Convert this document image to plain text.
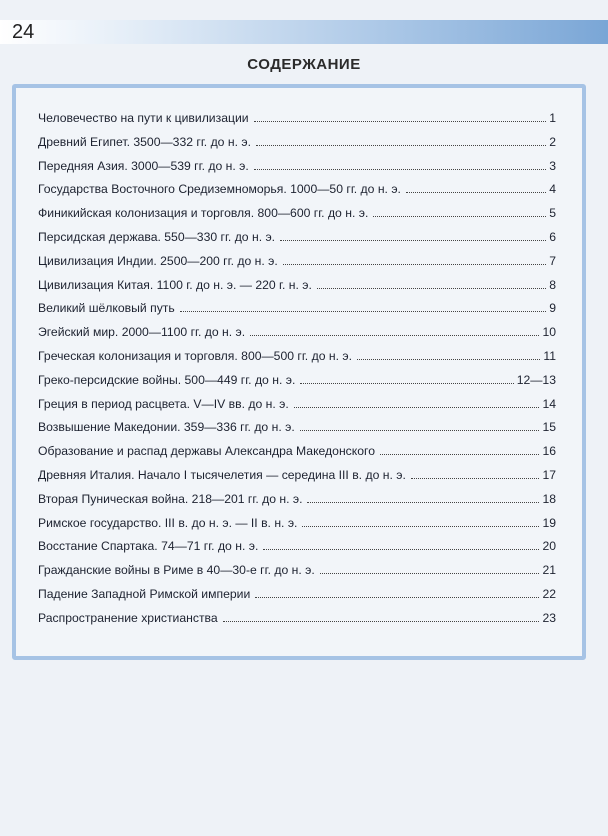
24
СОДЕРЖАНИЕ
Человечество на пути к цивилизации	1
Древний Египет. 3500—332 гг. до н. э.	2
Передняя Азия. 3000—539 гг. до н. э.	3
Государства Восточного Средиземноморья. 1000—50 гг. до н. э.	4
Финикийская колонизация и торговля. 800—600 гг. до н. э.	5
Персидская держава. 550—330 гг. до н. э.	6
Цивилизация Индии. 2500—200 гг. до н. э.	7
Цивилизация Китая. 1100 г. до н. э. — 220 г. н. э.	8
Великий шёлковый путь	9
Эгейский мир. 2000—1100 гг. до н. э.	10
Греческая колонизация и торговля. 800—500 гг. до н. э.	11
Греко-персидские войны. 500—449 гг. до н. э.	12—13
Греция в период расцвета. V—IV вв. до н. э.	14
Возвышение Македонии. 359—336 гг. до н. э.	15
Образование и распад державы Александра Македонского	16
Древняя Италия. Начало I тысячелетия — середина III в. до н. э.	17
Вторая Пуническая война. 218—201 гг. до н. э.	18
Римское государство. III в. до н. э. — II в. н. э.	19
Восстание Спартака. 74—71 гг. до н. э.	20
Гражданские войны в Риме в 40—30-е гг. до н. э.	21
Падение Западной Римской империи	22
Распространение христианства	23
